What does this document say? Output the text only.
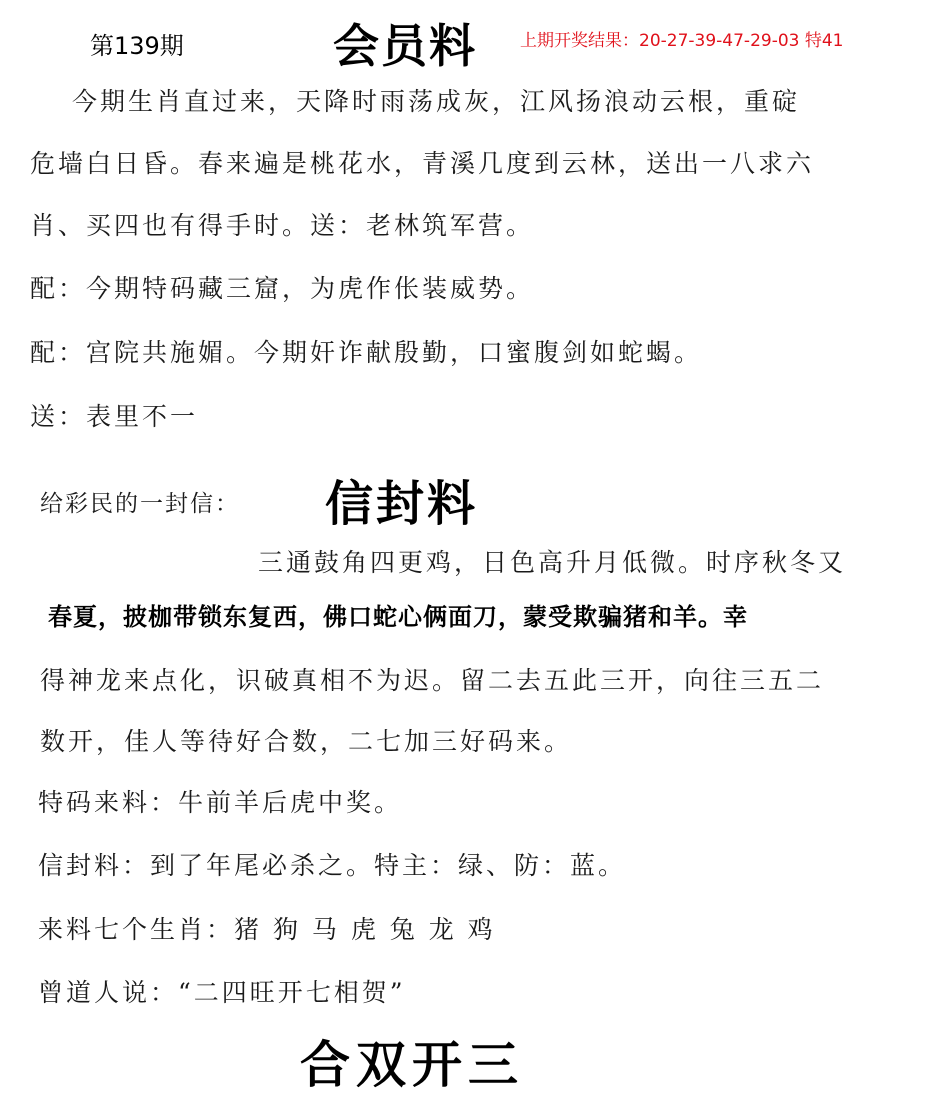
第139期	会员料	上期开奖结果：20-27-39-47-29-03 特41
今期生肖直过来，天降时雨荡成灰，江风扬浪动云根，重碇
危墙白日昏。春来遍是桃花水，青溪几度到云林，送出一八求六
肖、买四也有得手时。送：老林筑军营。
配：今期特码藏三窟，为虎作伥装威势。
配：宫院共施媚。今期奸诈献殷勤，口蜜腹剑如蛇蝎。
送：表里不一
给彩民的一封信： 信封料
三通鼓角四更鸡，日色高升月低微。时序秋冬又
春夏，披枷带锁东复西，佛口蛇心俩面刀，蒙受欺骗猪和羊。幸
得神龙来点化，识破真相不为迟。留二去五此三开，向往三五二
数开，佳人等待好合数，二七加三好码来。
特码来料：牛前羊后虎中奖。
信封料：到了年尾必杀之。特主：绿、防：蓝。
来料七个生肖：猪 狗 马 虎 兔 龙 鸡
曾道人说：“二四旺开七相贺”
合双开三
